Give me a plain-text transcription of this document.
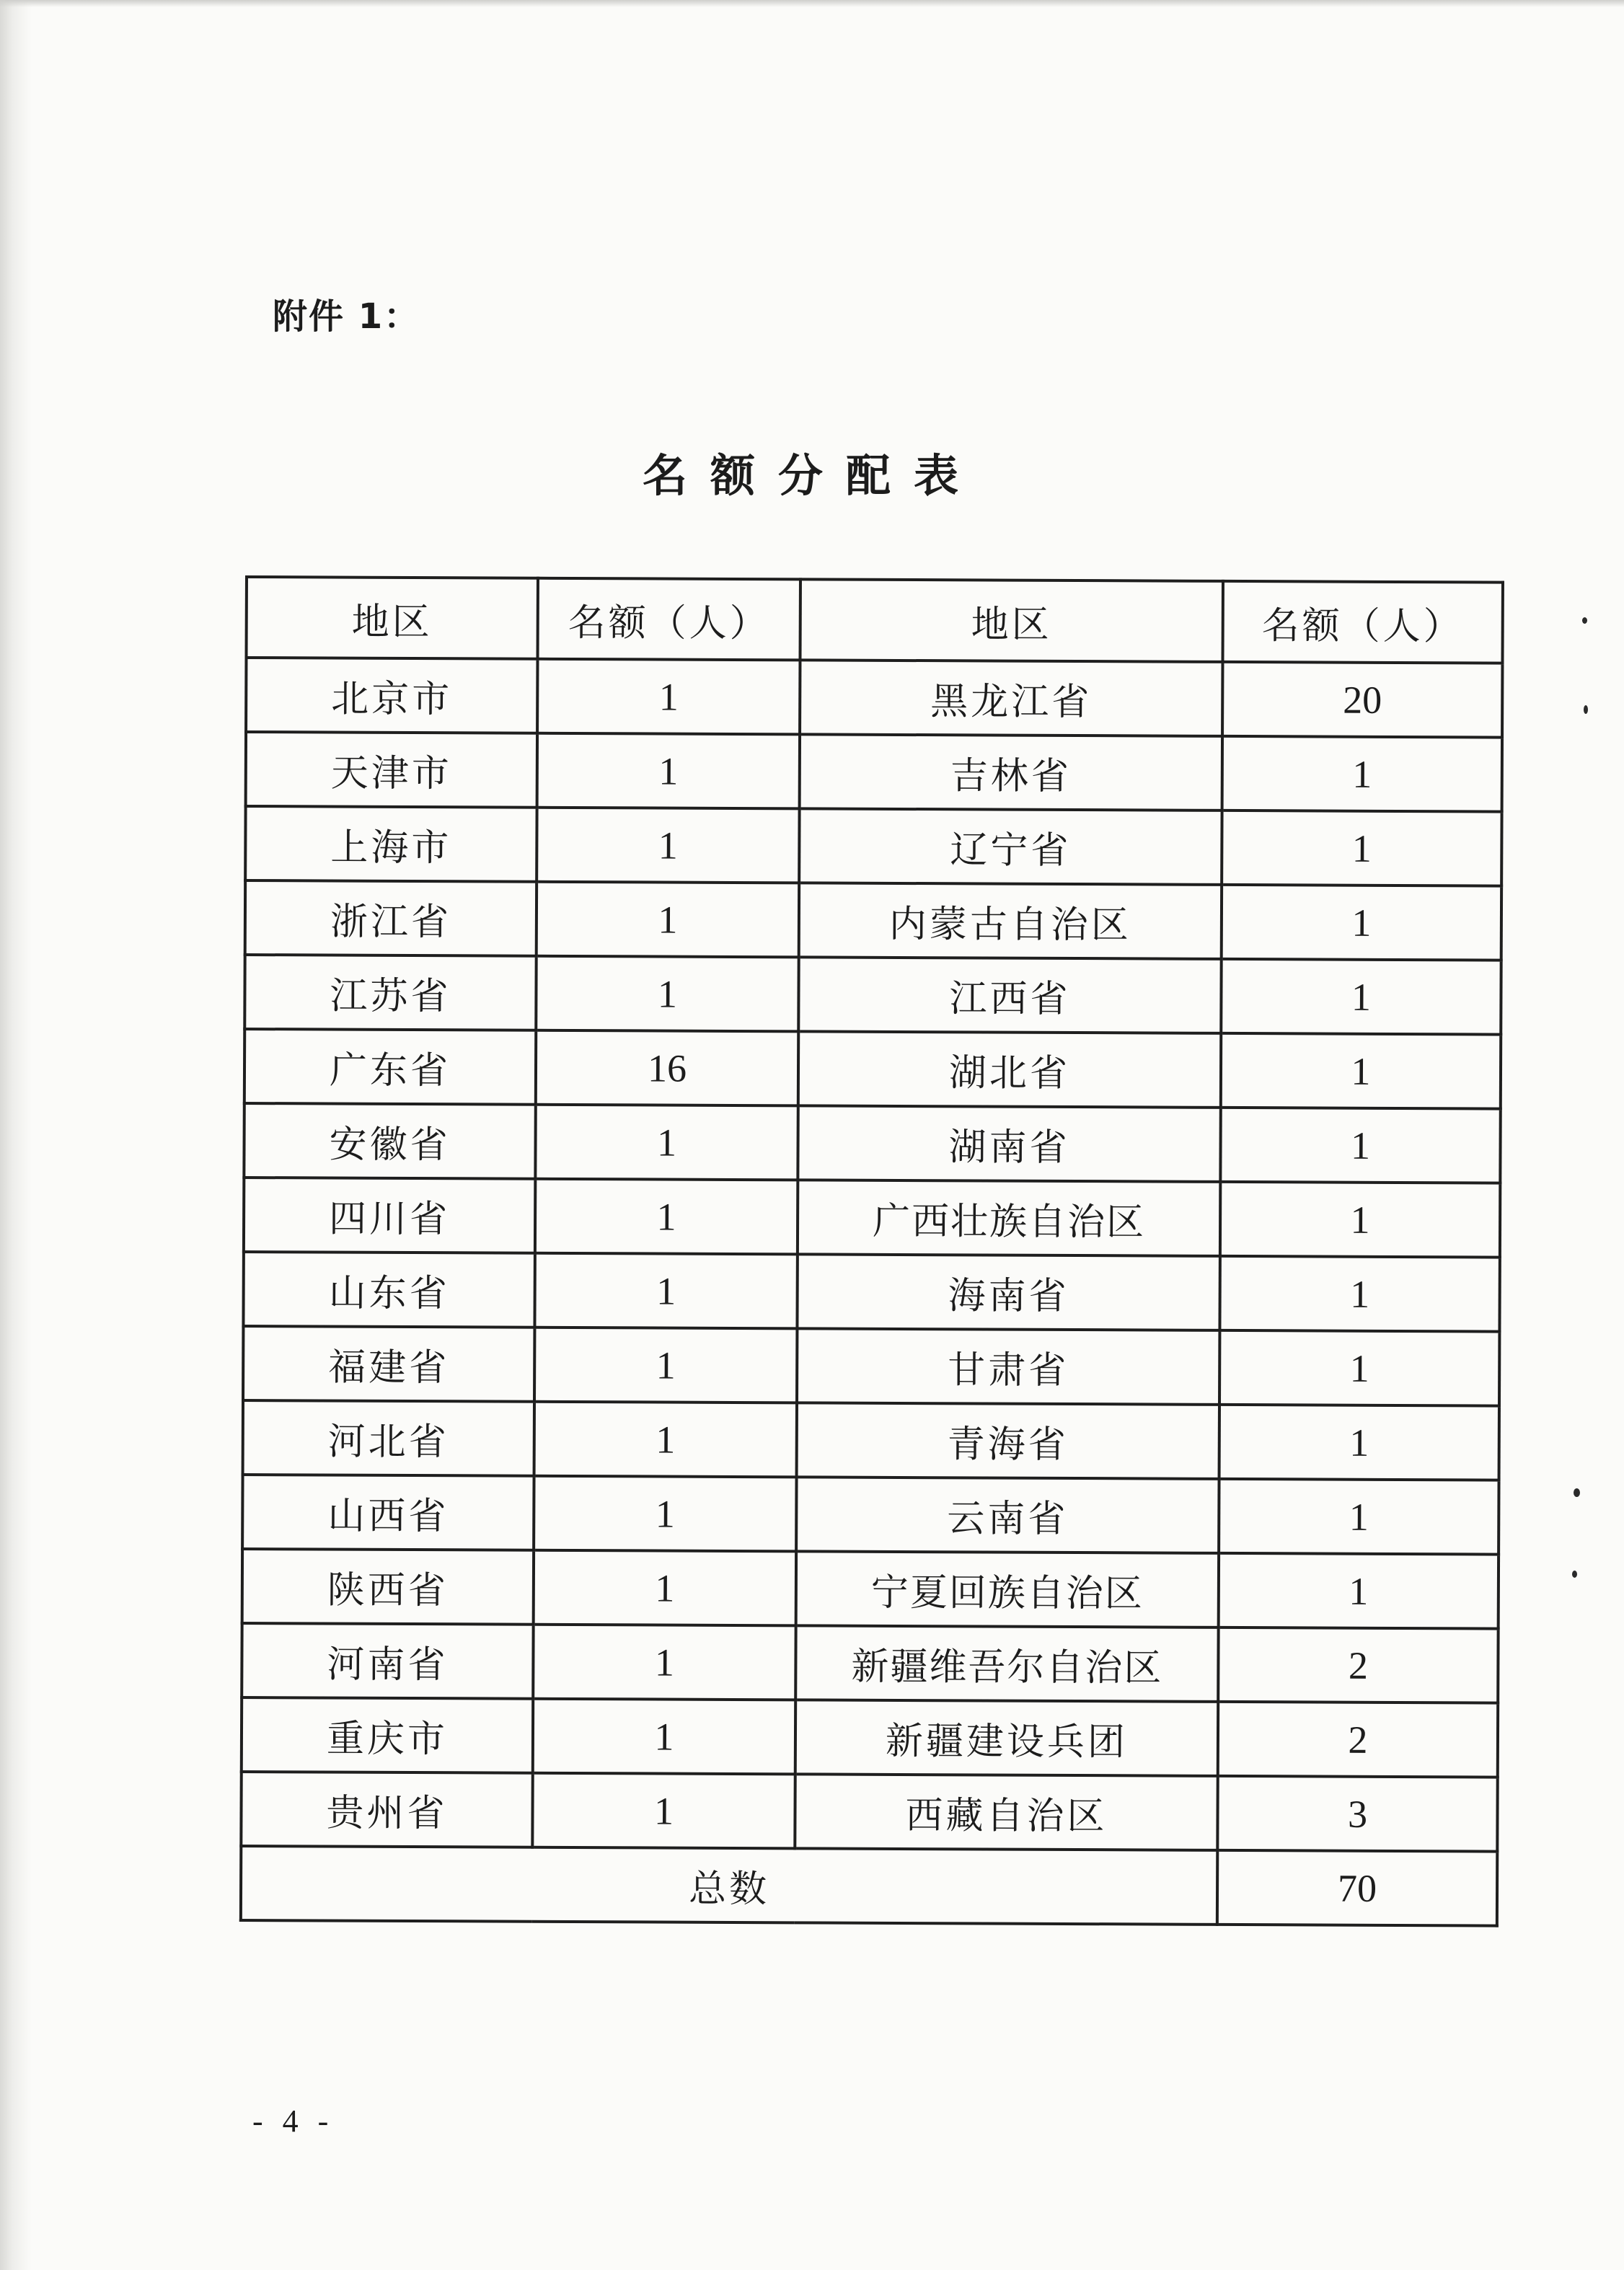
附件 1：
名额分配表
地区	名额（人）	地区	名额（人）
北京市	1	黑龙江省	20
天津市	1	吉林省	1
上海市	1	辽宁省	1
浙江省	1	内蒙古自治区	1
江苏省	1	江西省	1
广东省	16	湖北省	1
安徽省	1	湖南省	1
四川省	1	广西壮族自治区	1
山东省	1	海南省	1
福建省	1	甘肃省	1
河北省	1	青海省	1
山西省	1	云南省	1
陕西省	1	宁夏回族自治区	1
河南省	1	新疆维吾尔自治区	2
重庆市	1	新疆建设兵团	2
贵州省	1	西藏自治区	3
总数			70
- 4 -
